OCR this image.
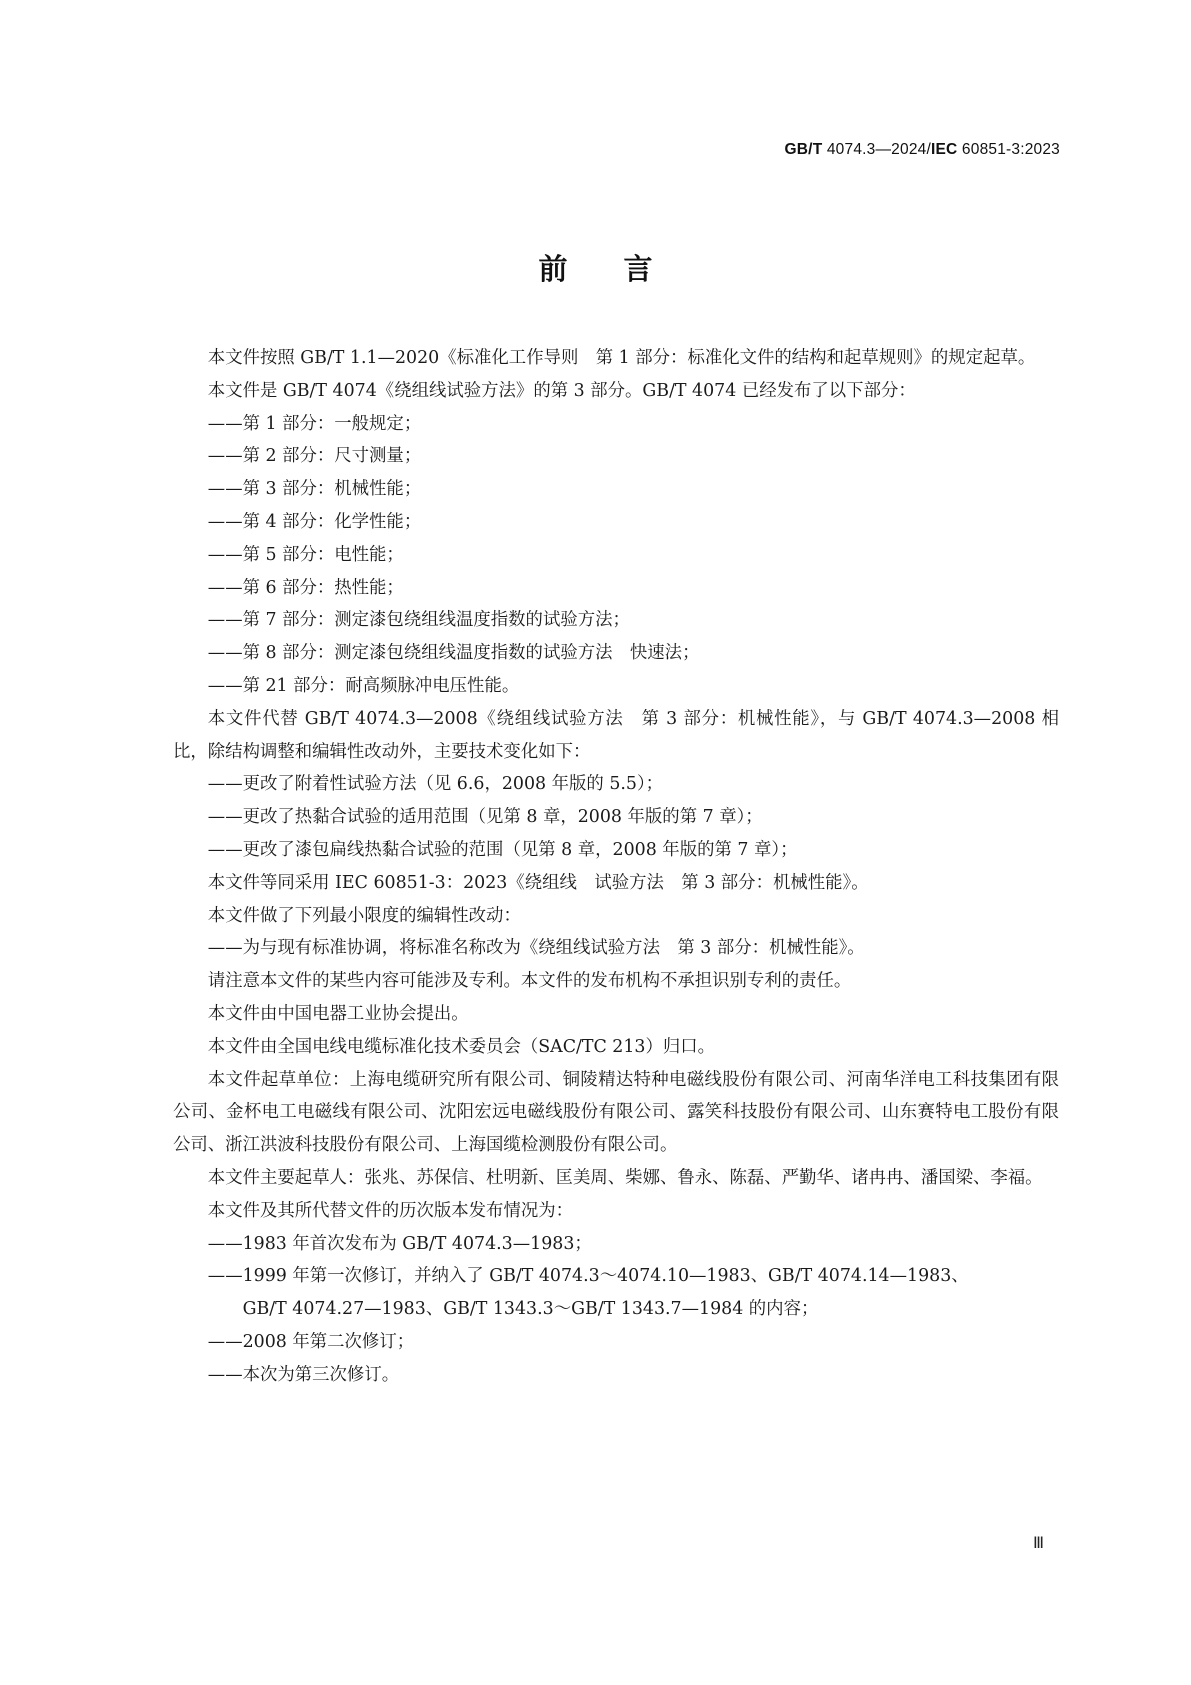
GB/T 4074.3—2024/IEC 60851-3:2023
前 言

本文件按照 GB/T 1.1—2020《标准化工作导则　第 1 部分：标准化文件的结构和起草规则》的规定起草。

本文件是 GB/T 4074《绕组线试验方法》的第 3 部分。GB/T 4074 已经发布了以下部分：

——第 1 部分：一般规定；

——第 2 部分：尺寸测量；

——第 3 部分：机械性能；

——第 4 部分：化学性能；

——第 5 部分：电性能；

——第 6 部分：热性能；

——第 7 部分：测定漆包绕组线温度指数的试验方法；

——第 8 部分：测定漆包绕组线温度指数的试验方法　快速法；

——第 21 部分：耐高频脉冲电压性能。

本文件代替 GB/T 4074.3—2008《绕组线试验方法　第 3 部分：机械性能》，与 GB/T 4074.3—2008 相比，除结构调整和编辑性改动外，主要技术变化如下：

——更改了附着性试验方法（见 6.6，2008 年版的 5.5）；

——更改了热黏合试验的适用范围（见第 8 章，2008 年版的第 7 章）；

——更改了漆包扁线热黏合试验的范围（见第 8 章，2008 年版的第 7 章）；

本文件等同采用 IEC 60851-3：2023《绕组线　试验方法　第 3 部分：机械性能》。

本文件做了下列最小限度的编辑性改动：

——为与现有标准协调，将标准名称改为《绕组线试验方法　第 3 部分：机械性能》。

请注意本文件的某些内容可能涉及专利。本文件的发布机构不承担识别专利的责任。

本文件由中国电器工业协会提出。

本文件由全国电线电缆标准化技术委员会（SAC/TC 213）归口。

本文件起草单位：上海电缆研究所有限公司、铜陵精达特种电磁线股份有限公司、河南华洋电工科技集团有限公司、金杯电工电磁线有限公司、沈阳宏远电磁线股份有限公司、露笑科技股份有限公司、山东赛特电工股份有限公司、浙江洪波科技股份有限公司、上海国缆检测股份有限公司。

本文件主要起草人：张兆、苏保信、杜明新、匡美周、柴娜、鲁永、陈磊、严勤华、诸冉冉、潘国梁、李福。

本文件及其所代替文件的历次版本发布情况为：

——1983 年首次发布为 GB/T 4074.3—1983；

——1999 年第一次修订，并纳入了 GB/T 4074.3～4074.10—1983、GB/T 4074.14—1983、

GB/T 4074.27—1983、GB/T 1343.3～GB/T 1343.7—1984 的内容；

——2008 年第二次修订；

——本次为第三次修订。

Ⅲ
